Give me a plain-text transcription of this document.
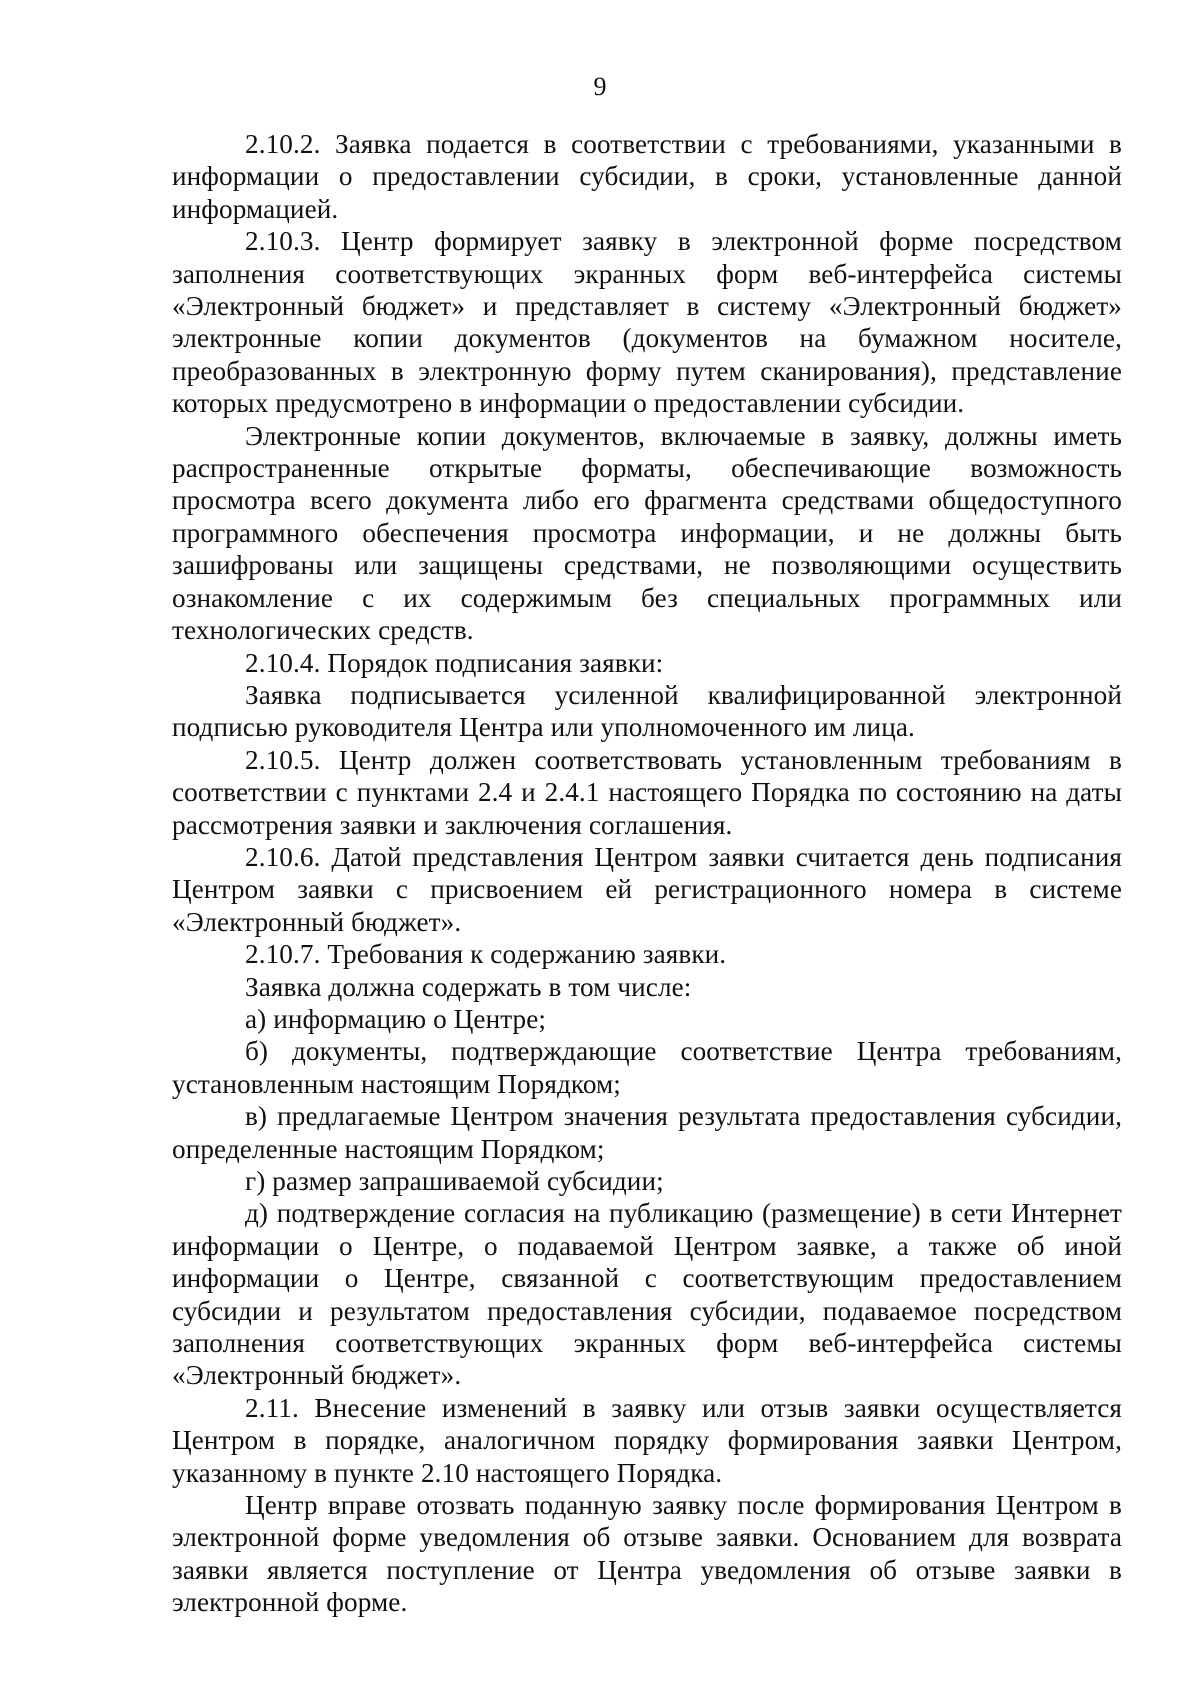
9

2.10.2. Заявка подается в соответствии с требованиями, указанными в информации о предоставлении субсидии, в сроки, установленные данной информацией.

2.10.3. Центр формирует заявку в электронной форме посредством заполнения соответствующих экранных форм веб-интерфейса системы «Электронный бюджет» и представляет в систему «Электронный бюджет» электронные копии документов (документов на бумажном носителе, преобразованных в электронную форму путем сканирования), представление которых предусмотрено в информации о предоставлении субсидии.

Электронные копии документов, включаемые в заявку, должны иметь распространенные открытые форматы, обеспечивающие возможность просмотра всего документа либо его фрагмента средствами общедоступного программного обеспечения просмотра информации, и не должны быть зашифрованы или защищены средствами, не позволяющими осуществить ознакомление с их содержимым без специальных программных или технологических средств.

2.10.4. Порядок подписания заявки:

Заявка подписывается усиленной квалифицированной электронной подписью руководителя Центра или уполномоченного им лица.

2.10.5. Центр должен соответствовать установленным требованиям в соответствии с пунктами 2.4 и 2.4.1 настоящего Порядка по состоянию на даты рассмотрения заявки и заключения соглашения.

2.10.6. Датой представления Центром заявки считается день подписания Центром заявки с присвоением ей регистрационного номера в системе «Электронный бюджет».

2.10.7. Требования к содержанию заявки.

Заявка должна содержать в том числе:

а) информацию о Центре;

б) документы, подтверждающие соответствие Центра требованиям, установленным настоящим Порядком;

в) предлагаемые Центром значения результата предоставления субсидии, определенные настоящим Порядком;

г) размер запрашиваемой субсидии;

д) подтверждение согласия на публикацию (размещение) в сети Интернет информации о Центре, о подаваемой Центром заявке, а также об иной информации о Центре, связанной с соответствующим предоставлением субсидии и результатом предоставления субсидии, подаваемое посредством заполнения соответствующих экранных форм веб-интерфейса системы «Электронный бюджет».

2.11. Внесение изменений в заявку или отзыв заявки осуществляется Центром в порядке, аналогичном порядку формирования заявки Центром, указанному в пункте 2.10 настоящего Порядка.

Центр вправе отозвать поданную заявку после формирования Центром в электронной форме уведомления об отзыве заявки. Основанием для возврата заявки является поступление от Центра уведомления об отзыве заявки в электронной форме.
